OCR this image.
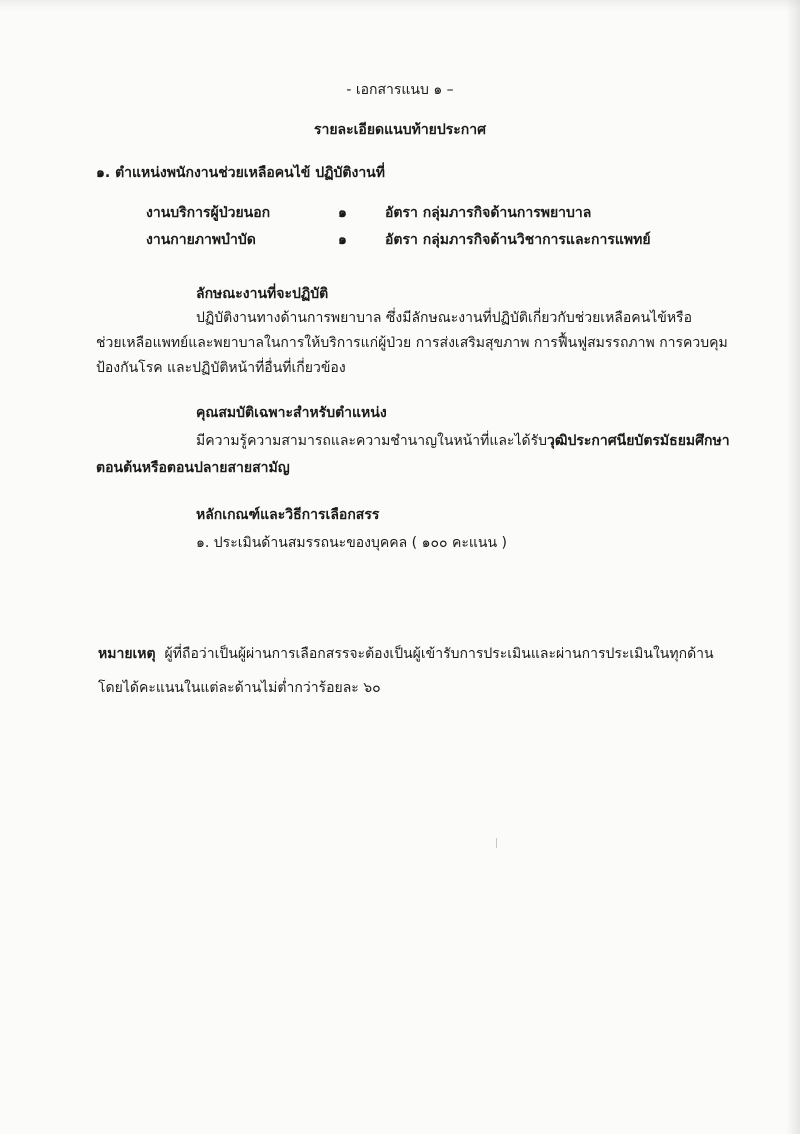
- เอกสารแนบ ๑ –
รายละเอียดแนบท้ายประกาศ
๑. ตำแหน่งพนักงานช่วยเหลือคนไข้ ปฏิบัติงานที่
งานบริการผู้ป่วยนอก	๑	อัตรา กลุ่มภารกิจด้านการพยาบาล
งานกายภาพบำบัด	๑	อัตรา กลุ่มภารกิจด้านวิชาการและการแพทย์
ลักษณะงานที่จะปฏิบัติ
ปฏิบัติงานทางด้านการพยาบาล ซึ่งมีลักษณะงานที่ปฏิบัติเกี่ยวกับช่วยเหลือคนไข้หรือ
ช่วยเหลือแพทย์และพยาบาลในการให้บริการแก่ผู้ป่วย การส่งเสริมสุขภาพ การฟื้นฟูสมรรถภาพ การควบคุม
ป้องกันโรค และปฏิบัติหน้าที่อื่นที่เกี่ยวข้อง
คุณสมบัติเฉพาะสำหรับตำแหน่ง
มีความรู้ความสามารถและความชำนาญในหน้าที่และได้รับวุฒิประกาศนียบัตรมัธยมศึกษา
ตอนต้นหรือตอนปลายสายสามัญ
หลักเกณฑ์และวิธีการเลือกสรร
๑. ประเมินด้านสมรรถนะของบุคคล ( ๑๐๐ คะแนน )
หมายเหตุ ผู้ที่ถือว่าเป็นผู้ผ่านการเลือกสรรจะต้องเป็นผู้เข้ารับการประเมินและผ่านการประเมินในทุกด้าน
โดยได้คะแนนในแต่ละด้านไม่ต่ำกว่าร้อยละ ๖๐
